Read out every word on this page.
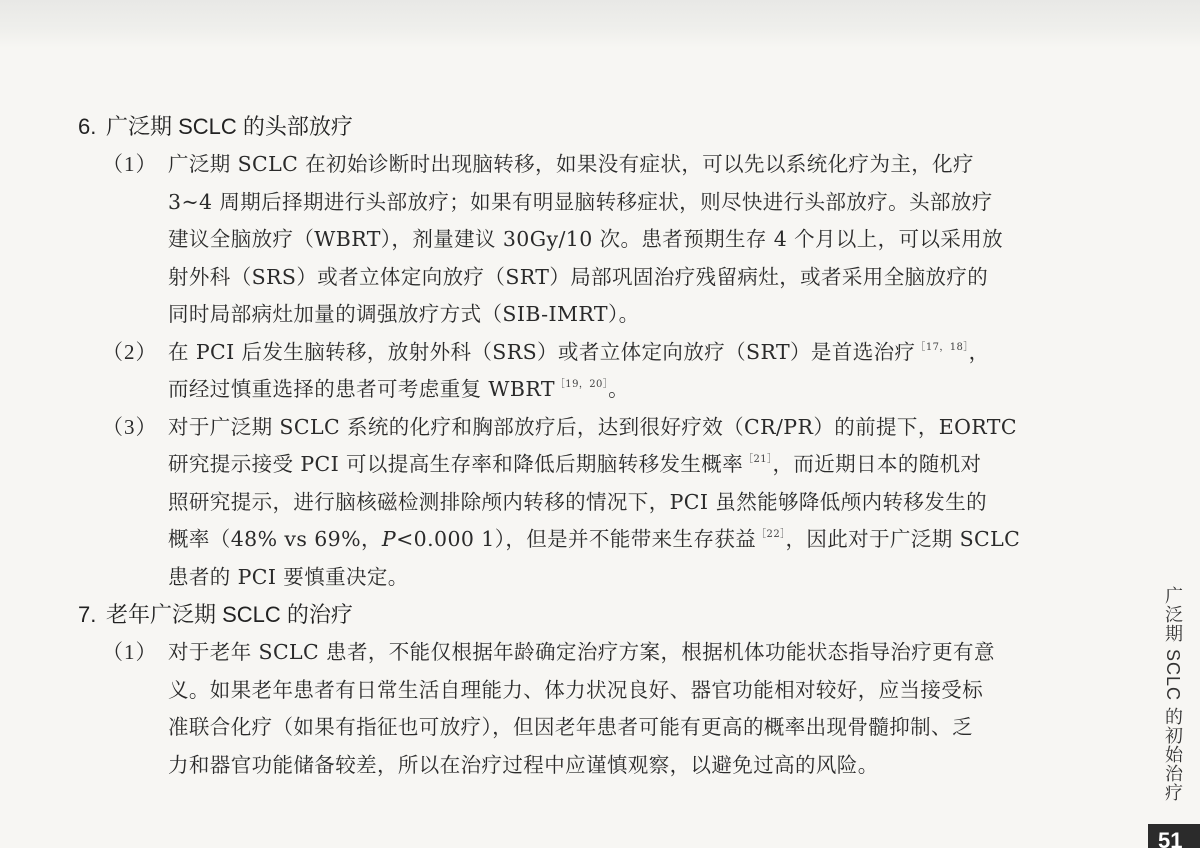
6. 广泛期 SCLC 的头部放疗
（1） 广泛期 SCLC 在初始诊断时出现脑转移，如果没有症状，可以先以系统化疗为主，化疗
3~4 周期后择期进行头部放疗；如果有明显脑转移症状，则尽快进行头部放疗。头部放疗
建议全脑放疗（WBRT），剂量建议 30Gy/10 次。患者预期生存 4 个月以上，可以采用放
射外科（SRS）或者立体定向放疗（SRT）局部巩固治疗残留病灶，或者采用全脑放疗的
同时局部病灶加量的调强放疗方式（SIB-IMRT）。
（2） 在 PCI 后发生脑转移，放射外科（SRS）或者立体定向放疗（SRT）是首选治疗$^{[17,18]}$，
而经过慎重选择的患者可考虑重复 $WBRT^{[19,20]}$。
（3） 对于广泛期 SCLC 系统的化疗和胸部放疗后，达到很好疗效（CR/PR）的前提下，EORTC
研究提示接受 PCI 可以提高生存率和降低后期脑转移发生概率$^{[21]}$，而近期日本的随机对
照研究提示，进行脑核磁检测排除颅内转移的情况下，PCI 虽然能够降低颅内转移发生的
概率（48% vs 69%，P<0.000 1），但是并不能带来生存获益$^{[22]}$，因此对于广泛期 SCLC
患者的 PCI 要慎重决定。
7. 老年广泛期 SCLC 的治疗
（1） 对于老年 SCLC 患者，不能仅根据年龄确定治疗方案，根据机体功能状态指导治疗更有意
义。如果老年患者有日常生活自理能力、体力状况良好、器官功能相对较好，应当接受标
准联合化疗（如果有指征也可放疗），但因老年患者可能有更高的概率出现骨髓抑制、乏
力和器官功能储备较差，所以在治疗过程中应谨慎观察，以避免过高的风险。	广泛期 SCLC 的初始治疗
51
